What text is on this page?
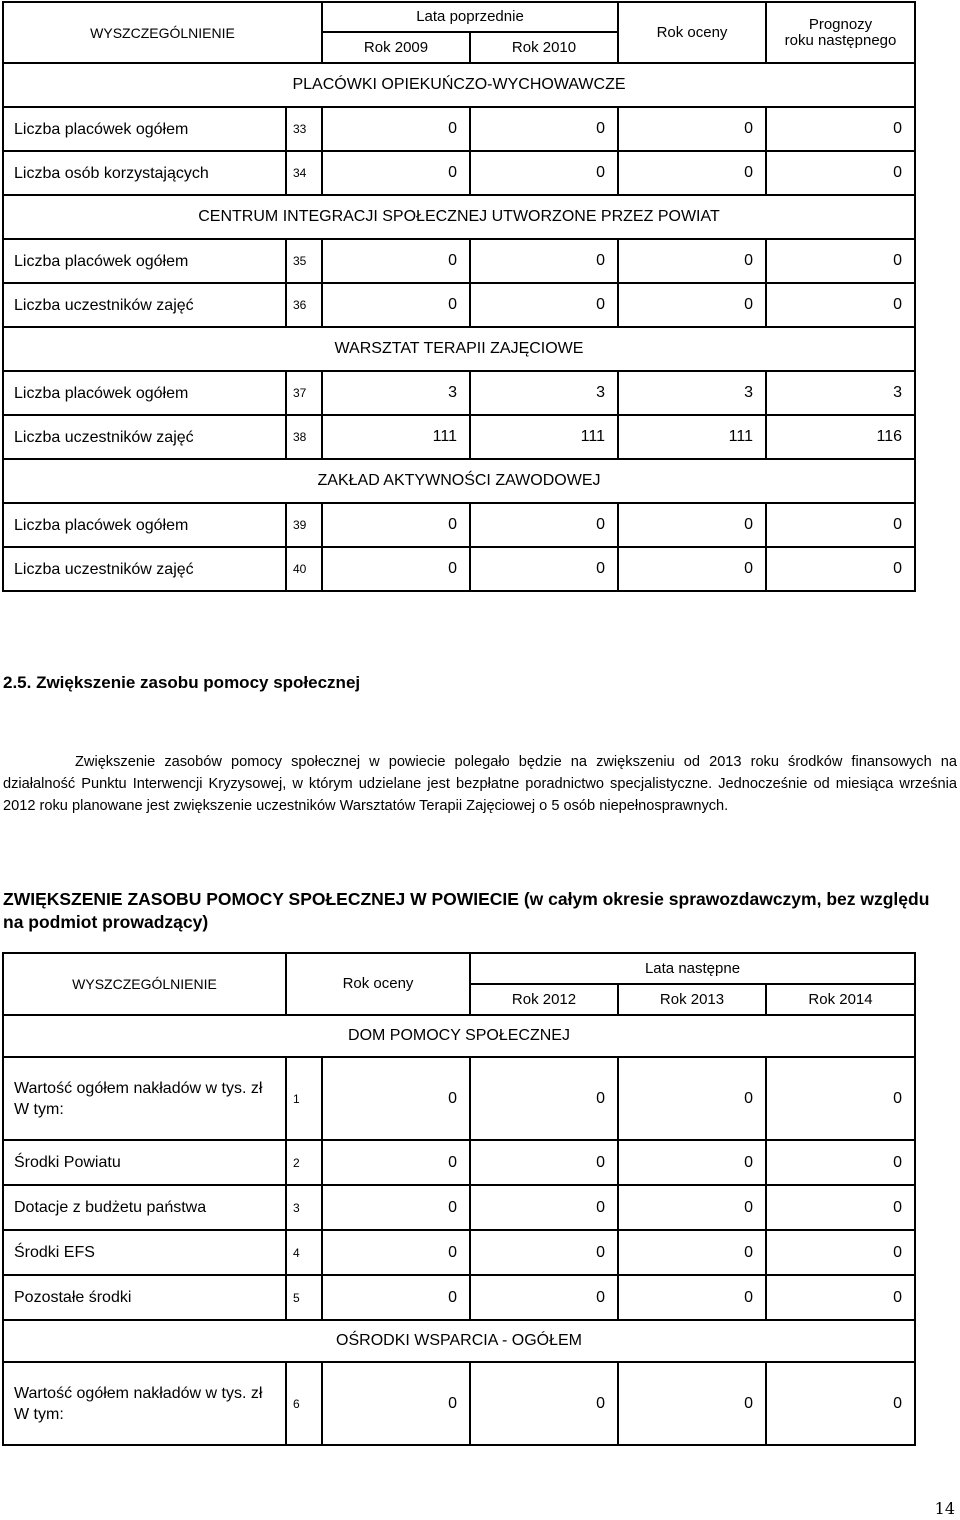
WYSZCZEGÓLNIENIE		Lata poprzednie		Rok oceny	Prognozy
roku następnego

		Rok 2009	Rok 2010		
PLACÓWKI OPIEKUŃCZO-WYCHOWAWCZE					
Liczba placówek ogółem	33	0	0	0	0
Liczba osób korzystających	34	0	0	0	0
CENTRUM INTEGRACJI SPOŁECZNEJ UTWORZONE PRZEZ POWIAT					
Liczba placówek ogółem	35	0	0	0	0
Liczba uczestników zajęć	36	0	0	0	0
WARSZTAT TERAPII ZAJĘCIOWE					
Liczba placówek ogółem	37	3	3	3	3
Liczba uczestników zajęć	38	111	111	111	116
ZAKŁAD AKTYWNOŚCI ZAWODOWEJ					
Liczba placówek ogółem	39	0	0	0	0
Liczba uczestników zajęć	40	0	0	0	0
2.5. Zwiększenie zasobu pomocy społecznej
Zwiększenie zasobów pomocy społecznej w powiecie polegało będzie na zwiększeniu od 2013 roku środków finansowych na działalność Punktu Interwencji Kryzysowej, w którym udzielane jest bezpłatne poradnictwo specjalistyczne. Jednocześnie od miesiąca września 2012 roku planowane jest zwiększenie uczestników Warsztatów Terapii Zajęciowej o 5 osób niepełnosprawnych.
ZWIĘKSZENIE ZASOBU POMOCY SPOŁECZNEJ W POWIECIE (w całym okresie sprawozdawczym, bez względu na podmiot prowadzący)
WYSZCZEGÓLNIENIE	Rok oceny		Lata następne		
			Rok 2012	Rok 2013	Rok 2014
DOM POMOCY SPOŁECZNEJ					
Wartość ogółem nakładów w tys. zł
W tym:	1	0	0	0	0
Środki Powiatu	2	0	0	0	0
Dotacje z budżetu państwa	3	0	0	0	0
Środki EFS	4	0	0	0	0
Pozostałe środki	5	0	0	0	0
OŚRODKI WSPARCIA - OGÓŁEM					
Wartość ogółem nakładów w tys. zł
W tym:	6	0	0	0	0
14
